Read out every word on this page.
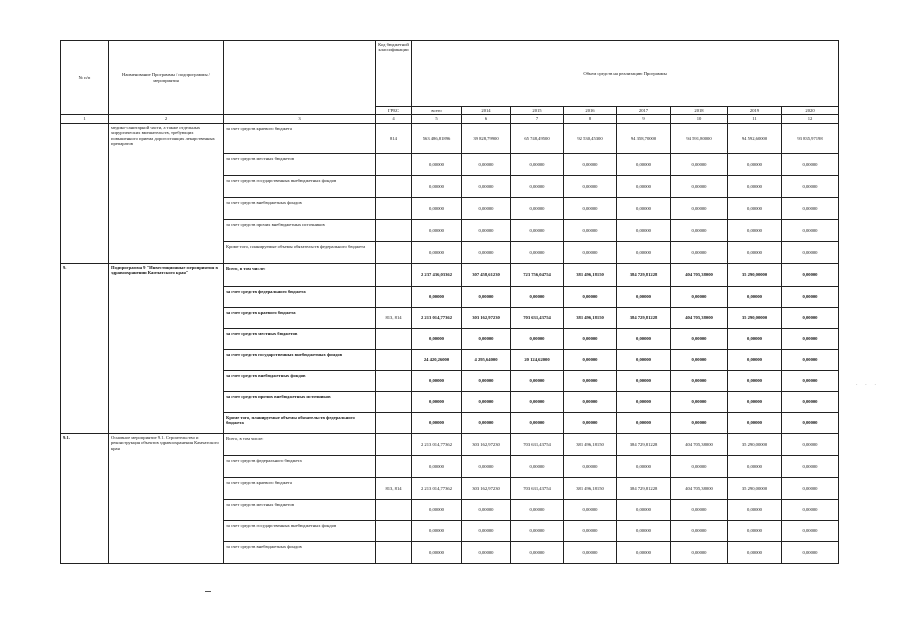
№ п/п	Наименование Программы / подпрограммы / мероприятия		Код бюджетной классификации	Объем средств на реализацию Программы							
			ГРБС	всего	2014	2015	2016	2017	2018	2019	2020
1	2	3	4	5	6	7	8	9	10	11	12
	медико-санитарной части, а также отдельных хирургических вмешательств, требующих повышенного приема дорогостоящих лекарственных препаратов	за счет средств краевого бюджета	814	563 486,81896	39 828,79900	65 748,49500	92 530,45300	94 358,70000	94 591,80000	94 592,60000	93 835,97198
		за счет средств местных бюджетов		0,00000	0,00000	0,00000	0,00000	0,00000	0,00000	0,00000	0,00000
		за счет средств государственных внебюджетных фондов		0,00000	0,00000	0,00000	0,00000	0,00000	0,00000	0,00000	0,00000
		за счет средств внебюджетных фондов		0,00000	0,00000	0,00000	0,00000	0,00000	0,00000	0,00000	0,00000
		за счет средств прочих внебюджетных источников		0,00000	0,00000	0,00000	0,00000	0,00000	0,00000	0,00000	0,00000
		Кроме того, планируемые объемы обязательств федерального бюджета		0,00000	0,00000	0,00000	0,00000	0,00000	0,00000	0,00000	0,00000
9.	Подпрограмма 9 "Инвестиционные мероприятия в здравоохранении Камчатского края"	Всего, в том числе:		2 237 436,03362	307 458,61230	723 756,04754	381 496,18150	384 729,81228	404 705,38000	35 290,00000	0,00000
		за счет средств федерального бюджета		0,00000	0,00000	0,00000	0,00000	0,00000	0,00000	0,00000	0,00000
		за счет средств краевого бюджета	813, 814	2 213 014,77362	303 162,97230	703 631,43754	381 496,18150	384 729,81228	404 705,38000	35 290,00000	0,00000
		за счет средств местных бюджетов		0,00000	0,00000	0,00000	0,00000	0,00000	0,00000	0,00000	0,00000
		за счет средств государственных внебюджетных фондов		24 420,26000	4 295,64000	20 124,62000	0,00000	0,00000	0,00000	0,00000	0,00000
		за счет средств внебюджетных фондов		0,00000	0,00000	0,00000	0,00000	0,00000	0,00000	0,00000	0,00000
		за счет средств прочих внебюджетных источников		0,00000	0,00000	0,00000	0,00000	0,00000	0,00000	0,00000	0,00000
		Кроме того, планируемые объемы обязательств федерального бюджета		0,00000	0,00000	0,00000	0,00000	0,00000	0,00000	0,00000	0,00000
9.1.	Основное мероприятие 9.1. Строительство и реконструкция объектов здравоохранения Камчатского края	Всего, в том числе:		2 213 014,77362	303 162,97230	703 631,43754	381 496,18150	384 729,81228	404 705,38000	35 290,00000	0,00000
		за счет средств федерального бюджета		0,00000	0,00000	0,00000	0,00000	0,00000	0,00000	0,00000	0,00000
		за счет средств краевого бюджета	813, 814	2 213 014,77362	303 162,97230	703 631,43754	381 496,18150	384 729,81228	404 705,38000	35 290,00000	0,00000
		за счет средств местных бюджетов		0,00000	0,00000	0,00000	0,00000	0,00000	0,00000	0,00000	0,00000
		за счет средств государственных внебюджетных фондов		0,00000	0,00000	0,00000	0,00000	0,00000	0,00000	0,00000	0,00000
		за счет средств внебюджетных фондов		0,00000	0,00000	0,00000	0,00000	0,00000	0,00000	0,00000	0,00000
· · ·
